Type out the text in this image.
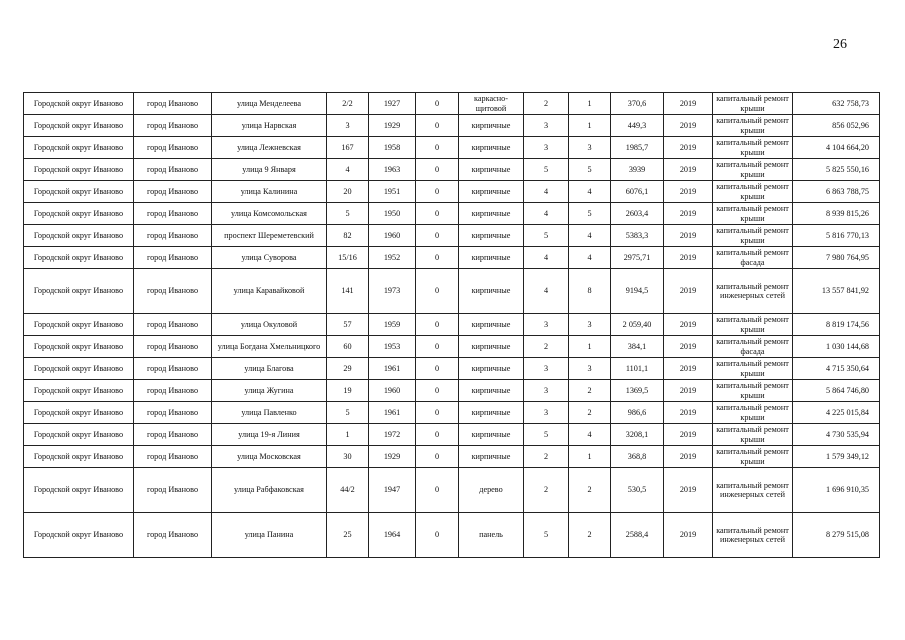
26
Городской округ Иваново	город Иваново	улица Менделеева	2/2	1927	0	каркасно-щитовой	2	1	370,6	2019	капитальный ремонт крыши	632 758,73
Городской округ Иваново	город Иваново	улица Нарвская	3	1929	0	кирпичные	3	1	449,3	2019	капитальный ремонт крыши	856 052,96
Городской округ Иваново	город Иваново	улица Лежневская	167	1958	0	кирпичные	3	3	1985,7	2019	капитальный ремонт крыши	4 104 664,20
Городской округ Иваново	город Иваново	улица 9 Января	4	1963	0	кирпичные	5	5	3939	2019	капитальный ремонт крыши	5 825 550,16
Городской округ Иваново	город Иваново	улица Калинина	20	1951	0	кирпичные	4	4	6076,1	2019	капитальный ремонт крыши	6 863 788,75
Городской округ Иваново	город Иваново	улица Комсомольская	5	1950	0	кирпичные	4	5	2603,4	2019	капитальный ремонт крыши	8 939 815,26
Городской округ Иваново	город Иваново	проспект Шереметевский	82	1960	0	кирпичные	5	4	5383,3	2019	капитальный ремонт крыши	5 816 770,13
Городской округ Иваново	город Иваново	улица Суворова	15/16	1952	0	кирпичные	4	4	2975,71	2019	капитальный ремонт фасада	7 980 764,95
Городской округ Иваново	город Иваново	улица Каравайковой	141	1973	0	кирпичные	4	8	9194,5	2019	капитальный ремонт инженерных сетей	13 557 841,92
Городской округ Иваново	город Иваново	улица Окуловой	57	1959	0	кирпичные	3	3	2 059,40	2019	капитальный ремонт крыши	8 819 174,56
Городской округ Иваново	город Иваново	улица Богдана Хмельницкого	60	1953	0	кирпичные	2	1	384,1	2019	капитальный ремонт фасада	1 030 144,68
Городской округ Иваново	город Иваново	улица Благова	29	1961	0	кирпичные	3	3	1101,1	2019	капитальный ремонт крыши	4 715 350,64
Городской округ Иваново	город Иваново	улица Жугина	19	1960	0	кирпичные	3	2	1369,5	2019	капитальный ремонт крыши	5 864 746,80
Городской округ Иваново	город Иваново	улица Павленко	5	1961	0	кирпичные	3	2	986,6	2019	капитальный ремонт крыши	4 225 015,84
Городской округ Иваново	город Иваново	улица 19-я Линия	1	1972	0	кирпичные	5	4	3208,1	2019	капитальный ремонт крыши	4 730 535,94
Городской округ Иваново	город Иваново	улица Московская	30	1929	0	кирпичные	2	1	368,8	2019	капитальный ремонт крыши	1 579 349,12
Городской округ Иваново	город Иваново	улица Рабфаковская	44/2	1947	0	дерево	2	2	530,5	2019	капитальный ремонт инженерных сетей	1 696 910,35
Городской округ Иваново	город Иваново	улица Панина	25	1964	0	панель	5	2	2588,4	2019	капитальный ремонт инженерных сетей	8 279 515,08
